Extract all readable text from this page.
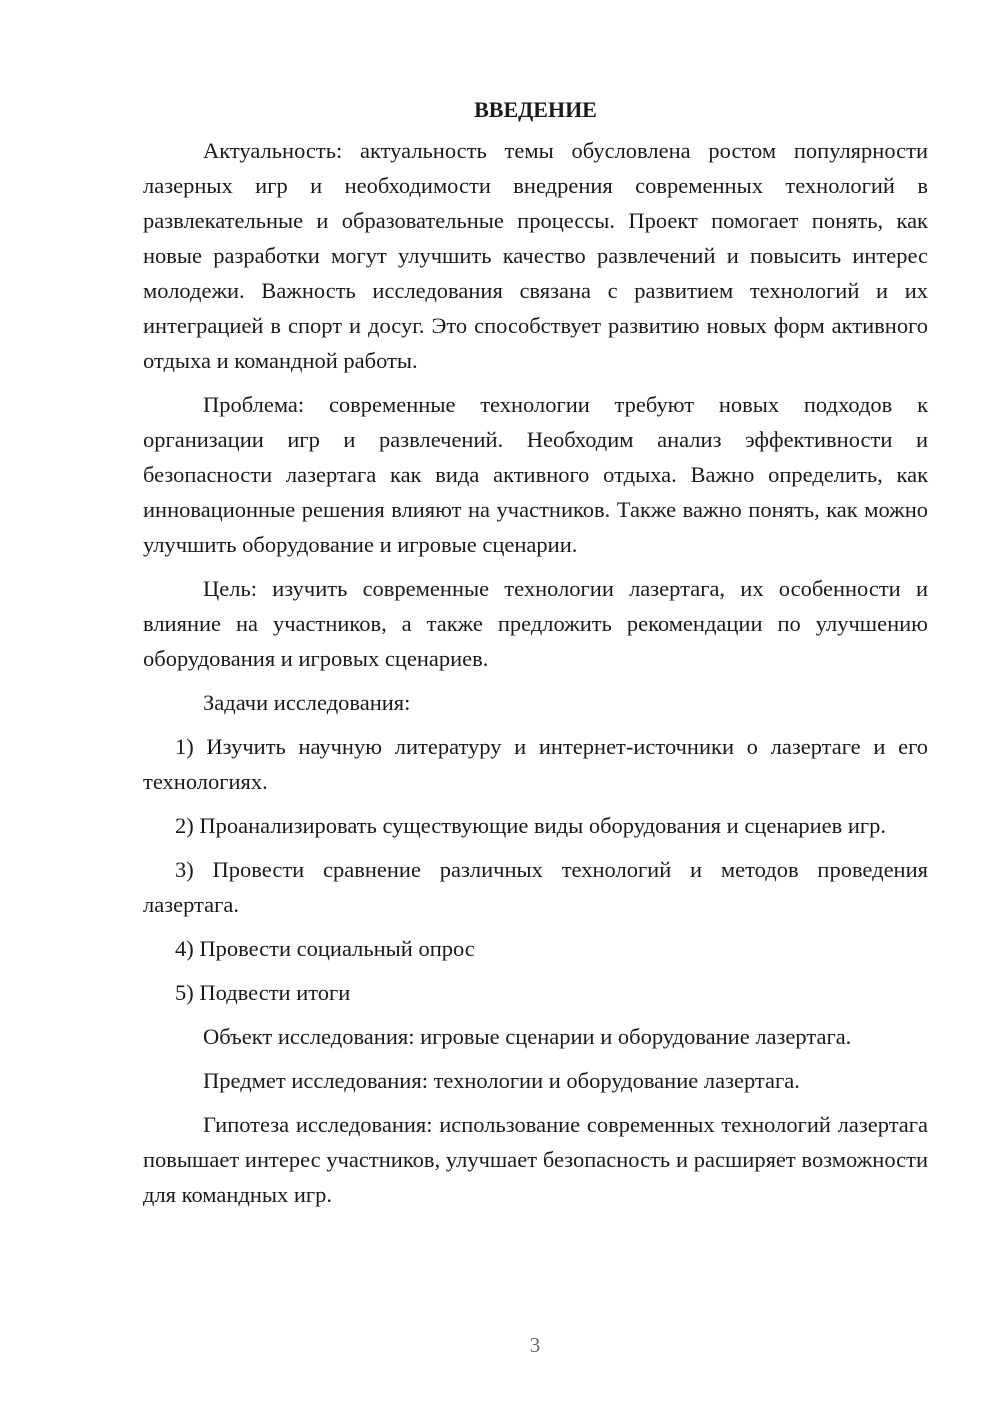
ВВЕДЕНИЕ

Актуальность: актуальность темы обусловлена ростом популярности лазерных игр и необходимости внедрения современных технологий в развлекательные и образовательные процессы. Проект помогает понять, как новые разработки могут улучшить качество развлечений и повысить интерес молодежи. Важность исследования связана с развитием технологий и их интеграцией в спорт и досуг. Это способствует развитию новых форм активного отдыха и командной работы.

Проблема: современные технологии требуют новых подходов к организации игр и развлечений. Необходим анализ эффективности и безопасности лазертага как вида активного отдыха. Важно определить, как инновационные решения влияют на участников. Также важно понять, как можно улучшить оборудование и игровые сценарии.

Цель: изучить современные технологии лазертага, их особенности и влияние на участников, а также предложить рекомендации по улучшению оборудования и игровых сценариев.

Задачи исследования:

1) Изучить научную литературу и интернет-источники о лазертаге и его технологиях.

2) Проанализировать существующие виды оборудования и сценариев игр.

3) Провести сравнение различных технологий и методов проведения лазертага.

4) Провести социальный опрос

5) Подвести итоги

Объект исследования: игровые сценарии и оборудование лазертага.

Предмет исследования: технологии и оборудование лазертага.

Гипотеза исследования: использование современных технологий лазертага повышает интерес участников, улучшает безопасность и расширяет возможности для командных игр.

3
